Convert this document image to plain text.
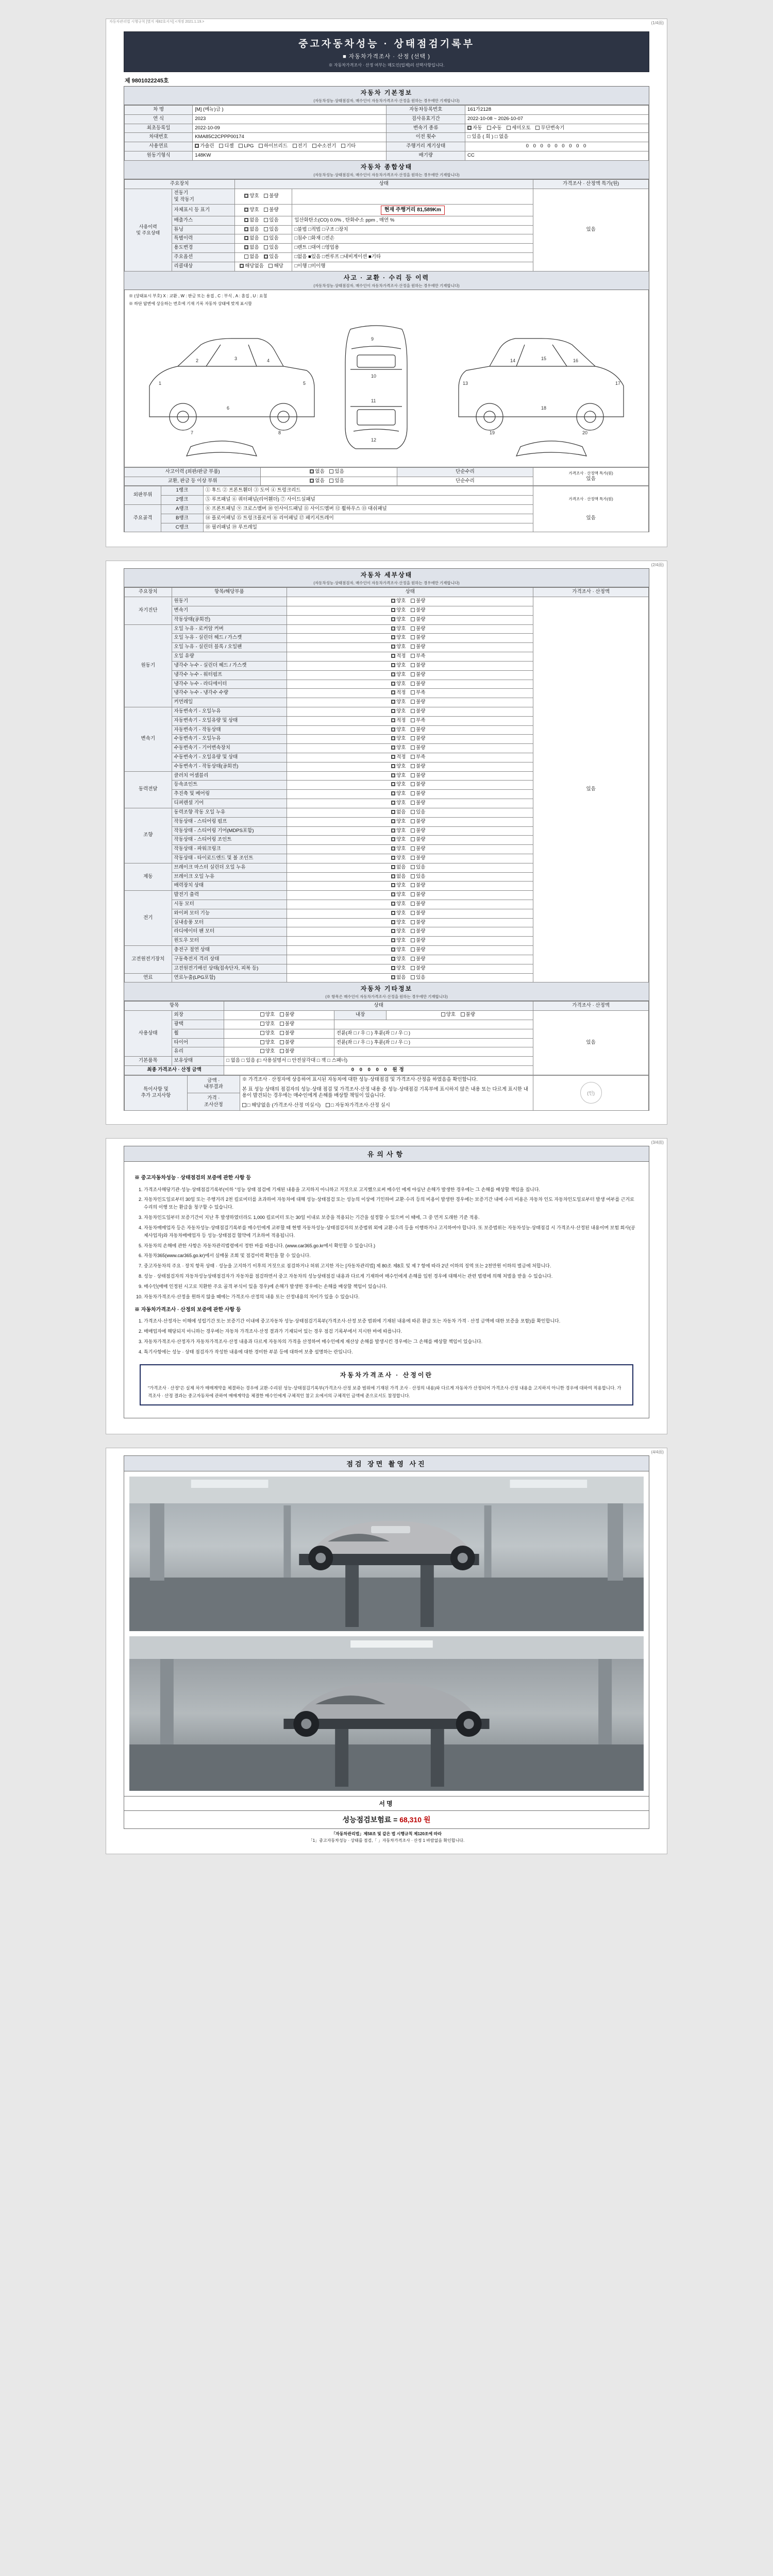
자동차관리법 시행규칙 [별지 제82호서식] <개정 2021.1.19.>	(1/4面)
중고자동차성능 · 상태점검기록부
■ 자동차가격조사 · 산정 (선택 )
※ 자동차가격조사 · 산정 여부는 매도인(업체)의 선택사항입니다.
제 9801022245호
자동차 기본정보
(자동차성능·상태점검자, 매수인이 자동차가격조사·산정을 원하는 경우에만 기재합니다)
차 명	[M] (베뉴)급 )	자동차등록번호	161가2128
연 식	2023	검사유효기간	2022-10-08 ~ 2026-10-07
최초등록일	2022-10-09	변속기 종류	자동 수동 세미오토 무단변속기
차대번호	KMA85C2CPPP00174	이전 횟수	□ 있음 ( 회 ) □ 없음
사용연료	가솔린 디젤 LPG 하이브리드 전기 수소전기 기타	주행거리 계기상태	0 0 0 0 0 0 0 0 0
원동기형식	148KW	배기량	CC
자동차 종합상태
(자동차성능·상태점검자, 매수인이 자동차가격조사·산정을 원하는 경우에만 기재합니다)
주요장치		상태		가격조사 · 산정액 특가(원)
사용이력
및 주요상태	전동기
및 작동기	양호 불량		있음

	자체표시 등 표기	양호 불량	현재 주행거리 81,589Km	
	배출가스	없음 있음	일산화탄소(CO) 0.0% , 탄화수소 ppm , 매연 %	
	튜닝	없음 있음	□불법 □적법 □구조 □장치	
	특별이력	없음 있음	□침수 □화재 □전손	
	용도변경	없음 있음	□렌트 □대여 □영업용	
	주요옵션	없음 있음	□없음 ■있음 □썬루프 □내비게이션 ■기타	
	리콜대상	해당없음 해당	□이행 □미이행	
사고 · 교환 · 수리 등 이력
(자동차성능·상태점검자, 매수인이 자동차가격조사·산정을 원하는 경우에만 기재합니다)
※ (상태표시 부호) X : 교환 , W : 판금 또는 용접 , C : 부식 , A : 흠집 , U : 요철
※ 하단 답변에 상응하는 번호에 기재 기록 자동차 상태에 맞게 표시함
1
2	3	4
5
6
7	8
9
10
11
12
13
14	15	16
17
18
19	20
사고이력 (외판/판금 부품)	없음 있음	단순수리	가격조사 · 산정액 특가(원)
있음

교환, 판금 등 이상 부위	없음 있음	단순수리	
외판부위	1랭크	① 후드 ② 프론트휀더 ③ 도어 ④ 트렁크리드	가격조사 · 산정액 특가(원)
있음

	2랭크	⑤ 루프패널 ⑥ 쿼터패널(리어휀더) ⑦ 사이드실패널	
주요골격	A랭크	⑧ 프론트패널 ⑨ 크로스멤버 ⑩ 인사이드패널 ⑪ 사이드멤버 ⑫ 휠하우스 ⑬ 대쉬패널	
	B랭크	⑭ 플로어패널 ⑮ 트렁크플로어 ⑯ 리어패널 ⑰ 패키지트레이	
	C랭크	⑱ 필러패널 ⑲ 루프레일	
(2/4面)
자동차 세부상태
(자동차성능·상태점검자, 매수인이 자동차가격조사·산정을 원하는 경우에만 기재합니다)
주요장치	항목/해당부품	상태	가격조사 · 산정액
자기진단	원동기	양호 불량	있음

	변속기	양호 불량	
	작동상태(공회전)	양호 불량	
원동기	오일 누유 - 로커암 커버	양호 불량	
	오일 누유 - 실린더 헤드 / 가스켓	양호 불량	
	오일 누유 - 실린더 블록 / 오일팬	양호 불량	
	오일 유량	적정 부족	
	냉각수 누수 - 실린더 헤드 / 가스켓	양호 불량	
	냉각수 누수 - 워터펌프	양호 불량	
	냉각수 누수 - 라디에이터	양호 불량	
	냉각수 누수 - 냉각수 수량	적정 부족	
	커먼레일	양호 불량	
변속기	자동변속기 - 오일누유	양호 불량	
	자동변속기 - 오일유량 및 상태	적정 부족	
	자동변속기 - 작동상태	양호 불량	
	수동변속기 - 오일누유	양호 불량	
	수동변속기 - 기어변속장치	양호 불량	
	수동변속기 - 오일유량 및 상태	적정 부족	
	수동변속기 - 작동상태(공회전)	양호 불량	
동력전달	클러치 어셈블리	양호 불량	
	등속죠인트	양호 불량	
	추진축 및 베어링	양호 불량	
	디퍼렌셜 기어	양호 불량	
조향	동력조향 작동 오일 누유	없음 있음	
	작동상태 - 스티어링 펌프	양호 불량	
	작동상태 - 스티어링 기어(MDPS포함)	양호 불량	
	작동상태 - 스티어링 조인트	양호 불량	
	작동상태 - 파워크링크	양호 불량	
	작동상태 - 타이로드엔드 및 볼 조인트	양호 불량	
제동	브레이크 마스터 실린더 오일 누유	없음 있음	
	브레이크 오일 누유	없음 있음	
	배력장치 상태	양호 불량	
전기	발전기 출력	양호 불량	
	시동 모터	양호 불량	
	와이퍼 모터 기능	양호 불량	
	실내송풍 모터	양호 불량	
	라디에이터 팬 모터	양호 불량	
	윈도우 모터	양호 불량	
고전원전기장치	충전구 절연 상태	양호 불량	
	구동축전지 격리 상태	양호 불량	
	고전원전기배선 상태(접속단자, 피복 등)	양호 불량	
연료	연료누출(LPG포함)	없음 있음	
자동차 기타정보
(※ 항목은 매수인이 자동차가격조사·산정을 원하는 경우에만 기재합니다)
항목		상태			가격조사 · 산정액
사용상태	외장	양호 불량	내장	양호 불량	있음

	광택	양호 불량			
	휠	양호 불량	전륜(좌 □ / 우 □ ) 후륜(좌 □ / 우 □ )		
	타이어	양호 불량	전륜(좌 □ / 우 □ ) 후륜(좌 □ / 우 □ )		
	유리	양호 불량			
기본품목	보유상태	□ 없음 □ 있음 (□ 사용설명서 □ 안전삼각대 □ 잭 □ 스패너)			
최종 가격조사 · 산정 금액		0 0 0 0 0 원정			
특이사항 및
추가 고지사항	금액 ·
내부결과	
※ 가격조사 · 산정자에 상응하여 표시된 자동차에 대한 성능·상태점검 및 가격조사·산정을 하였음을 확인합니다.
본 표 성능 상태의 점검자의 성능·상태 점검 및 가격조사·산정 내용 중 성능·상태점검 기록부에 표시하지 않은 내용 또는 다르게 표시한 내용이 발견되는 경우에는 매수인에게 손해를 배상할 책임이 있습니다.
□ 해당없음 (가격조사·산정 미실시) □ 자동차가격조사·산정 실시
	(인)
가격 ·
조사산정
(3/4面)
유의사항
※ 중고자동차성능 · 상태점검의 보증에 관한 사항 등
1. 가격조사해당기관·성능·상태점검기록부(이하 "성능 상태 점검에 기재된 내용을 고지하지 아니하고 거짓으로 고지했으로써 매수인 에게 야심난 손해가 발생한 경우에는 그 손해를 배상할 책임을 집니다.
2. 자동차인도일로부터 30일 또는 주행거리 2천 킬로미터를 초과하여 자동차에 대해 성능·상태점검 또는 성능의 이상에 기인하여 교환·수리 등의 비용이 발생한 경우에는 보증기간 내에 수리 비용은 자동차 인도 자동차인도일로부터 발생 여부를 근거로 수리의 이행 또는 환급을 청구할 수 있습니다.
3. 자동차인도일부터 보증기간이 지난 후 발생하였더라도 1,000 킬로미터 또는 30일 이내로 보증을 적용되는 기간을 설정할 수 있으며 이 때에, 그 중 먼저 도래한 기준 적용.
4. 자동차매매업자 등은 자동차성능·상태점검기록부를 매수인에게 교부할 때 현행 자동차성능·상태점검자의 보증범위 외에 교환·수리 등을 이행하거나 고지하여야 합니다. 또 보증범위는 자동차성능·상태점검 시 가격조사·산정된 내용이며 보험 회사(공제사업자)와 자동차매매업자 등 성능·상태점검 협약에 기초하여 적용됩니다.
5. 자동차의 손해에 관한 사항은 자동차관리법령에서 정한 바를 따릅니다. (www.car365.go.kr에서 확인할 수 있습니다.)
6. 자동차365(www.car365.go.kr)에서 실매물 조회 및 점검이력 확인을 할 수 있습니다.
7. 중고자동차의 주요 · 장치 항목 상태 · 성능을 고지하기 이후의 거짓으로 점검하거나 허위 고지한 자는 [자동차관리법] 제 80조 제8호 및 제 7 항에 따라 2년 이하의 징역 또는 2천만원 이하의 벌금에 처합니다.
8. 성능 · 상태점검자의 자동차성능상태점검자가 자동차를 점검하면서 중고 자동차의 성능상태점검 내용과 다르게 기재하여 매수인에게 손해를 입힌 경우에 대해서는 관련 법령에 의해 처벌을 받을 수 있습니다.
9. 매수인(매매 인정된 시고로 치환한 주요 골격 부식이 있을 경우)에 손해가 발생한 경우에는 손해를 배상할 책임이 있습니다.
10. 자동차가격조사·산정을 원하지 않을 때에는 가격조사·산정의 내용 또는 산정내용의 차이가 있을 수 있습니다.
※ 자동차가격조사 · 산정의 보증에 관한 사항 등
1. 가격조사·산정자는 이해에 성립기간 또는 보증기간 이내에 중고자동차 성능·상태점검기록부(가격조사·산정 보증 범위에 기재된 내용에 따른 환급 또는 자동차 가격 · 산정 금액에 대한 보증을 포함)를 확인합니다.
2. 매매업자에 해당되지 아니하는 경우에는 자동차 가격조사·산정 결과가 기재되어 있는 경우 점검 기록부에서 지시한 바에 따릅니다.
3. 자동차가격조사·산정자가 자동차가격조사·산정 내용과 다르게 자동차의 가격을 산정하여 매수인에게 재산상 손해를 발생시킨 경우에는 그 손해를 배상할 책임이 있습니다.
4. 특기사항에는 성능 · 상태 점검자가 작성한 내용에 대한 경미한 부분 등에 대하여 보충 설명하는 란입니다.
자동차가격조사 · 산정이란
"가격조사 · 산정"은 실제 차가 매매계약을 체결하는 경우에 교환·수리된 성능·상태점검기록부(가격조사·산정 보증 범위에 기재된 가격 조사 · 산정의 내용)와 다르게 자동차가 산정되어 가격조사·산정 내용을 고지하지 아니한 경우에 대하여 적용합니다. 가격조사 · 산정 결과는 중고자동차에 관하여 매매계약을 체결한 매수인에게 구체적인 참고 요에서의 구체적인 금액에 준으로서도 참정합니다.
(4/4面)
점검 장면 촬영 사진
서명
성능점검보험료 = 68,310 원
「자동차관리법」제58조 및 같은 법 시행규칙 제120조에 따라
「1」중고자동차성능 · 상태를 점검,「 」자동차가격조사 · 산정 1 바람없음 확인합니다.
